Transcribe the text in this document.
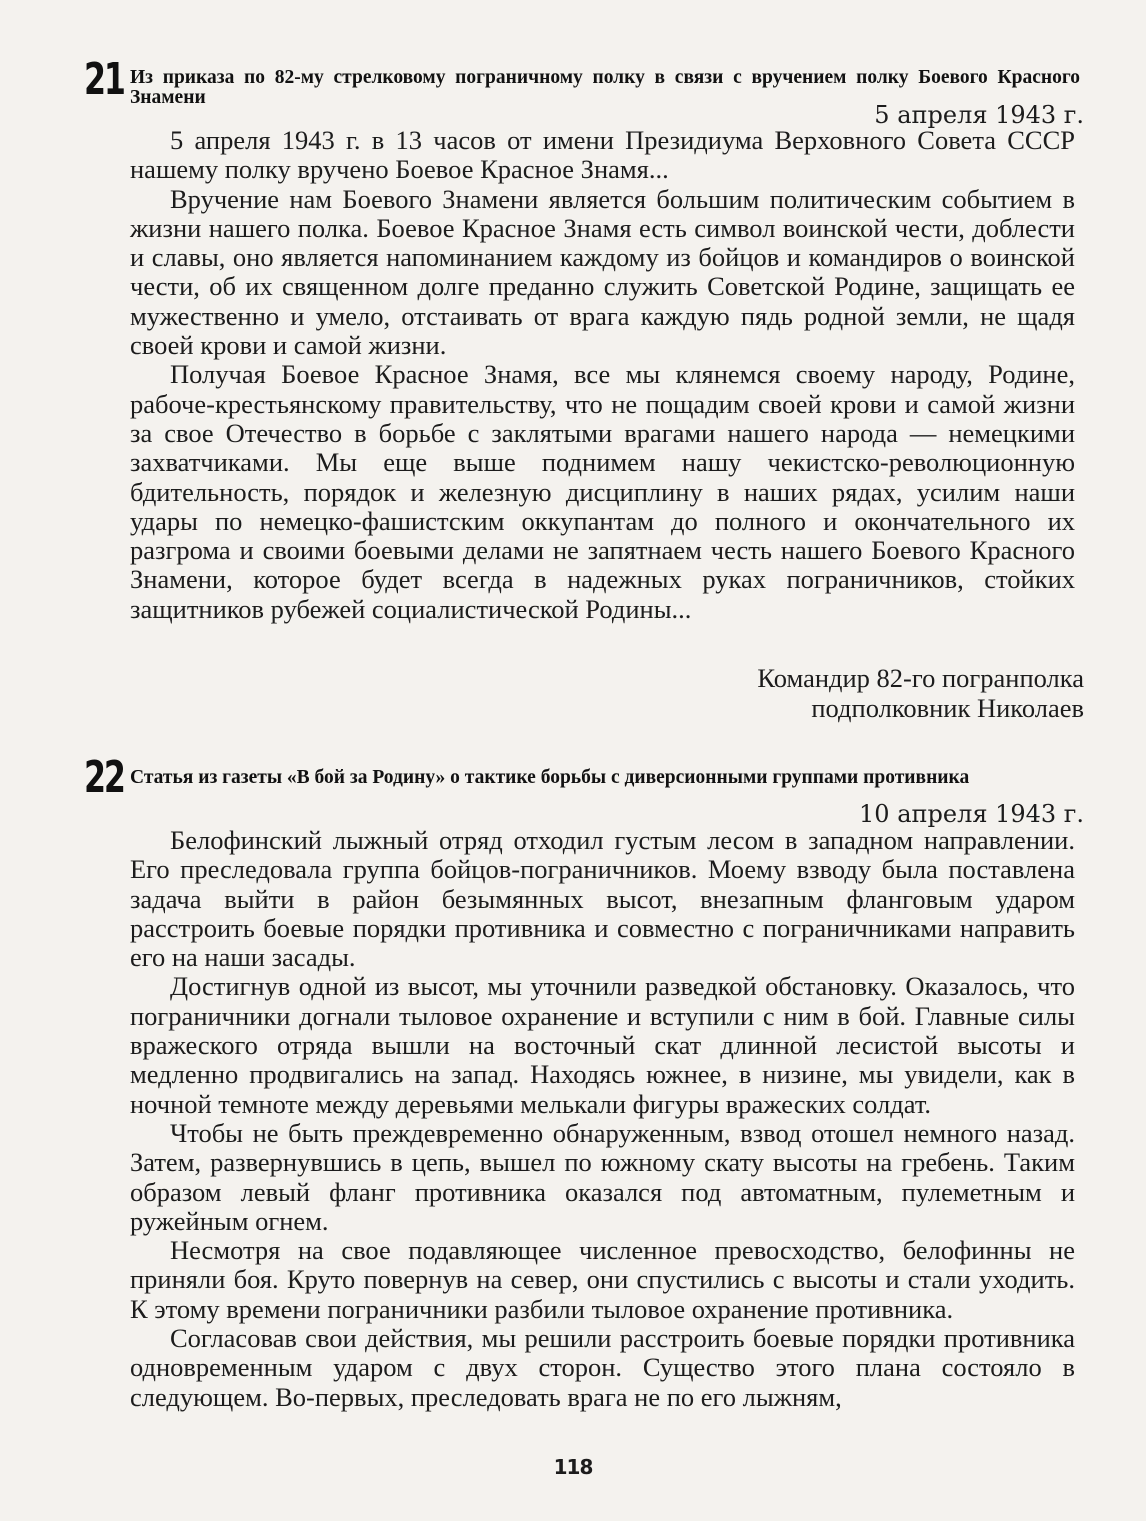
21 Из приказа по 82-му стрелковому пограничному полку в связи с вручением полку Боевого Красного Знамени
5 апреля 1943 г.

5 апреля 1943 г. в 13 часов от имени Президиума Верховного Совета СССР нашему полку вручено Боевое Красное Знамя...

Вручение нам Боевого Знамени является большим политическим событием в жизни нашего полка. Боевое Красное Знамя есть символ воинской чести, доблести и славы, оно является напоминанием каждому из бойцов и командиров о воинской чести, об их священном долге преданно служить Советской Родине, защищать ее мужественно и умело, отстаивать от врага каждую пядь родной земли, не щадя своей крови и самой жизни.

Получая Боевое Красное Знамя, все мы клянемся своему народу, Родине, рабоче-крестьянскому правительству, что не пощадим своей крови и самой жизни за свое Отечество в борьбе с заклятыми врагами нашего народа — немецкими захватчиками. Мы еще выше поднимем нашу чекистско-революционную бдительность, порядок и железную дисциплину в наших рядах, усилим наши удары по немецко-фашистским оккупантам до полного и окончательного их разгрома и своими боевыми делами не запятнаем честь нашего Боевого Красного Знамени, которое будет всегда в надежных руках пограничников, стойких защитников рубежей социалистической Родины...

Командир 82-го погранполка
подполковник Николаев
22 Статья из газеты «В бой за Родину» о тактике борьбы с диверсионными группами противника
10 апреля 1943 г.

Белофинский лыжный отряд отходил густым лесом в западном направлении. Его преследовала группа бойцов-пограничников. Моему взводу была поставлена задача выйти в район безымянных высот, внезапным фланговым ударом расстроить боевые порядки противника и совместно с пограничниками направить его на наши засады.

Достигнув одной из высот, мы уточнили разведкой обстановку. Оказалось, что пограничники догнали тыловое охранение и вступили с ним в бой. Главные силы вражеского отряда вышли на восточный скат длинной лесистой высоты и медленно продвигались на запад. Находясь южнее, в низине, мы увидели, как в ночной темноте между деревьями мелькали фигуры вражеских солдат.

Чтобы не быть преждевременно обнаруженным, взвод отошел немного назад. Затем, развернувшись в цепь, вышел по южному скату высоты на гребень. Таким образом левый фланг противника оказался под автоматным, пулеметным и ружейным огнем.

Несмотря на свое подавляющее численное превосходство, белофинны не приняли боя. Круто повернув на север, они спустились с высоты и стали уходить. К этому времени пограничники разбили тыловое охранение противника.

Согласовав свои действия, мы решили расстроить боевые порядки противника одновременным ударом с двух сторон. Существо этого плана состояло в следующем. Во-первых, преследовать врага не по его лыжням,

118
